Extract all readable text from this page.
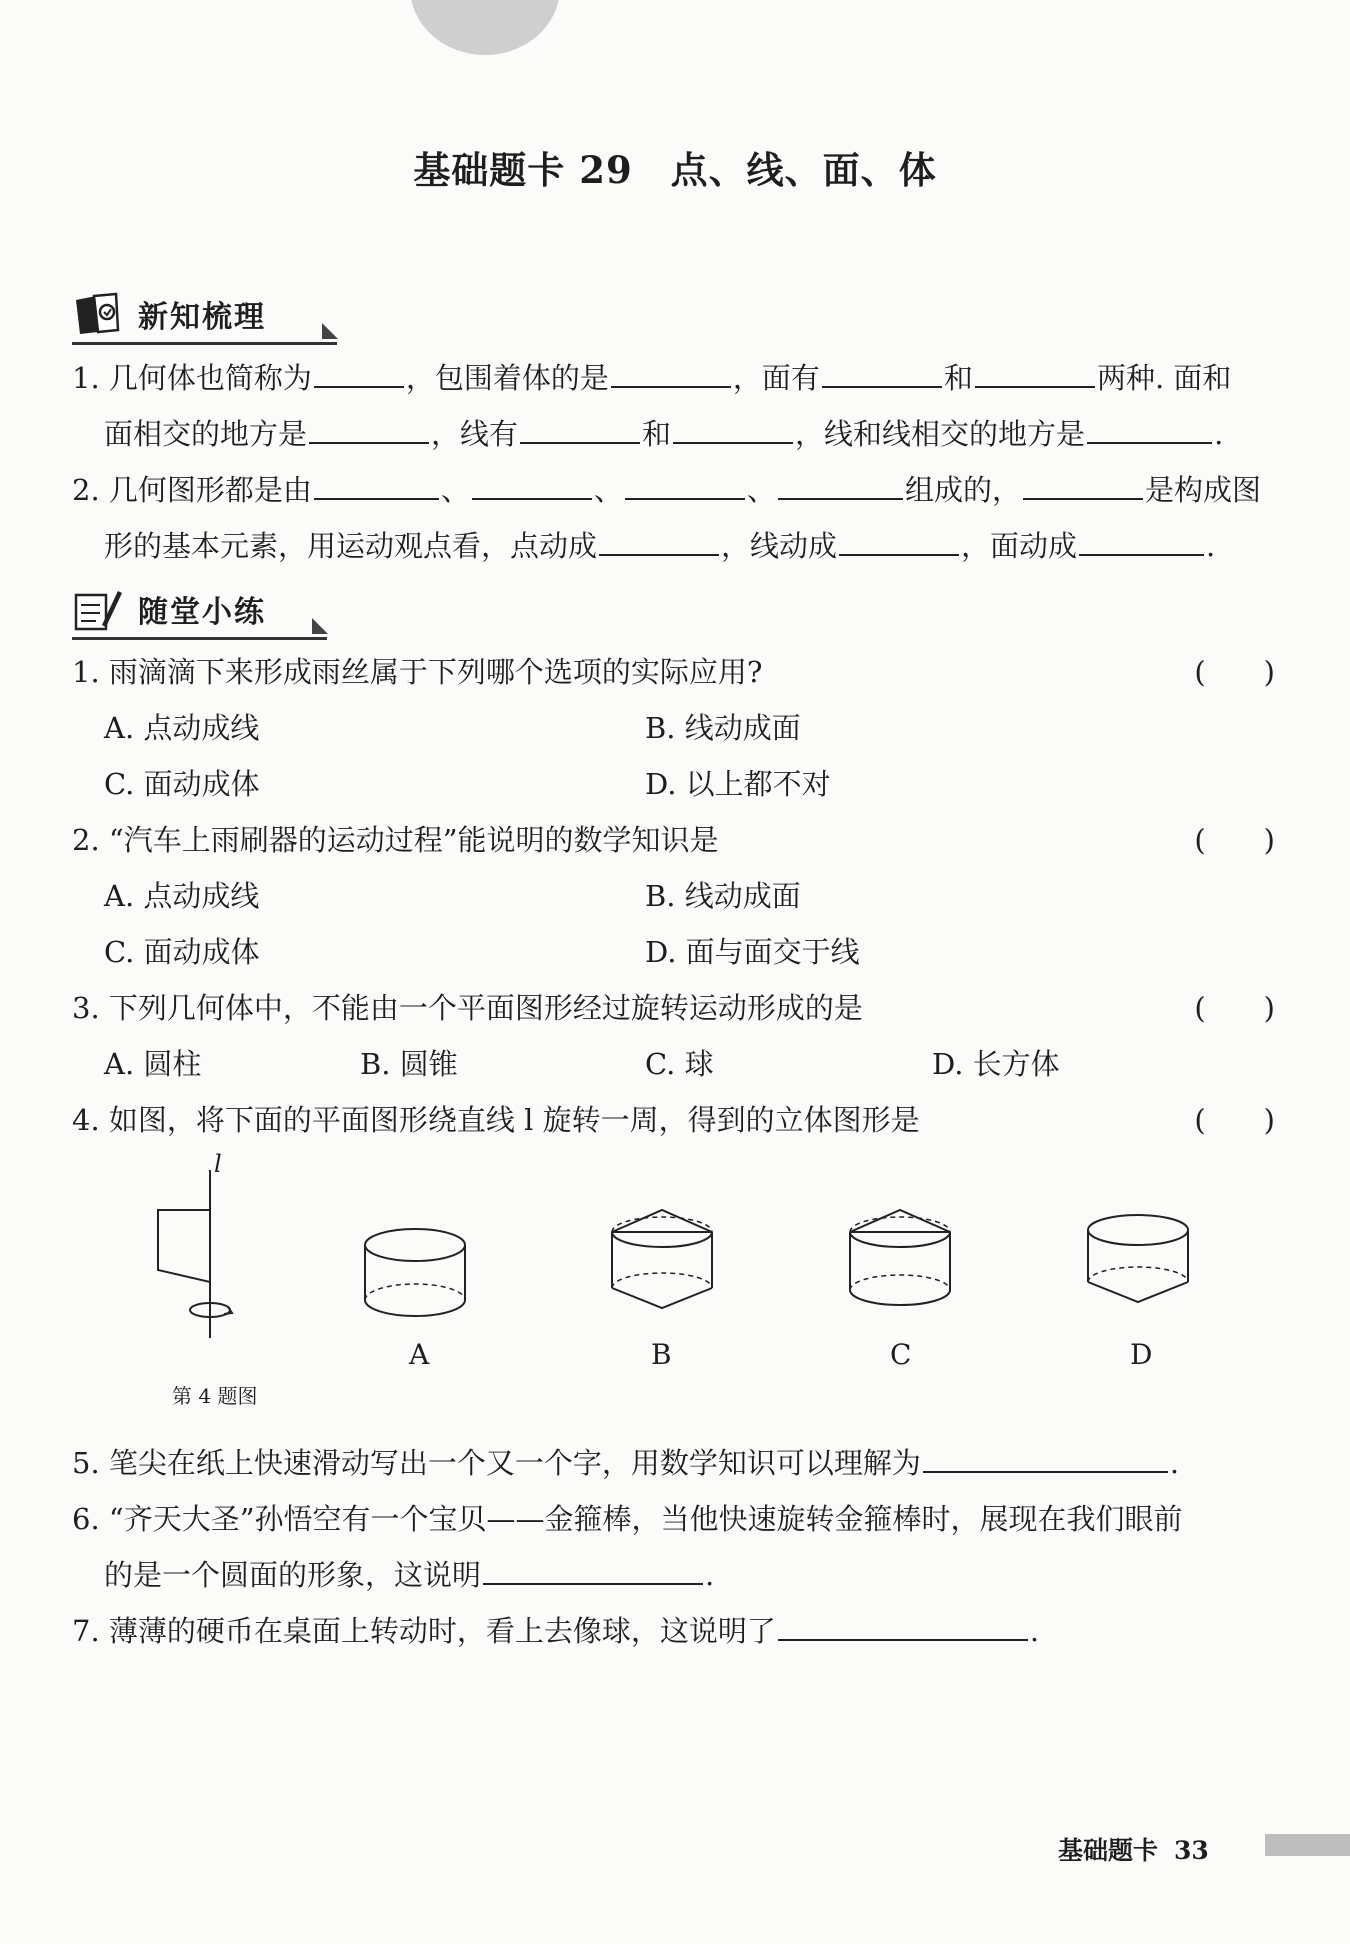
基础题卡 29　点、线、面、体
新知梳理
1. 几何体也简称为	，包围着体的是	，面有	和	两种. 面和
面相交的地方是	，线有	和	，线和线相交的地方是	.
2. 几何图形都是由	、	、	、	组成的，	是构成图
形的基本元素，用运动观点看，点动成	，线动成	，面动成	.
随堂小练
1. 雨滴滴下来形成雨丝属于下列哪个选项的实际应用?	(　　)
A. 点动成线	B. 线动成面
C. 面动成体	D. 以上都不对
2. “汽车上雨刷器的运动过程”能说明的数学知识是	(　　)
A. 点动成线	B. 线动成面
C. 面动成体	D. 面与面交于线
3. 下列几何体中，不能由一个平面图形经过旋转运动形成的是	(　　)
A. 圆柱	B. 圆锥	C. 球	D. 长方体
4. 如图，将下面的平面图形绕直线 l 旋转一周，得到的立体图形是	(　　)
l
第 4 题图
A	B	C	D
5. 笔尖在纸上快速滑动写出一个又一个字，用数学知识可以理解为	.
6. “齐天大圣”孙悟空有一个宝贝——金箍棒，当他快速旋转金箍棒时，展现在我们眼前
的是一个圆面的形象，这说明	.
7. 薄薄的硬币在桌面上转动时，看上去像球，这说明了	.
基础题卡 33
